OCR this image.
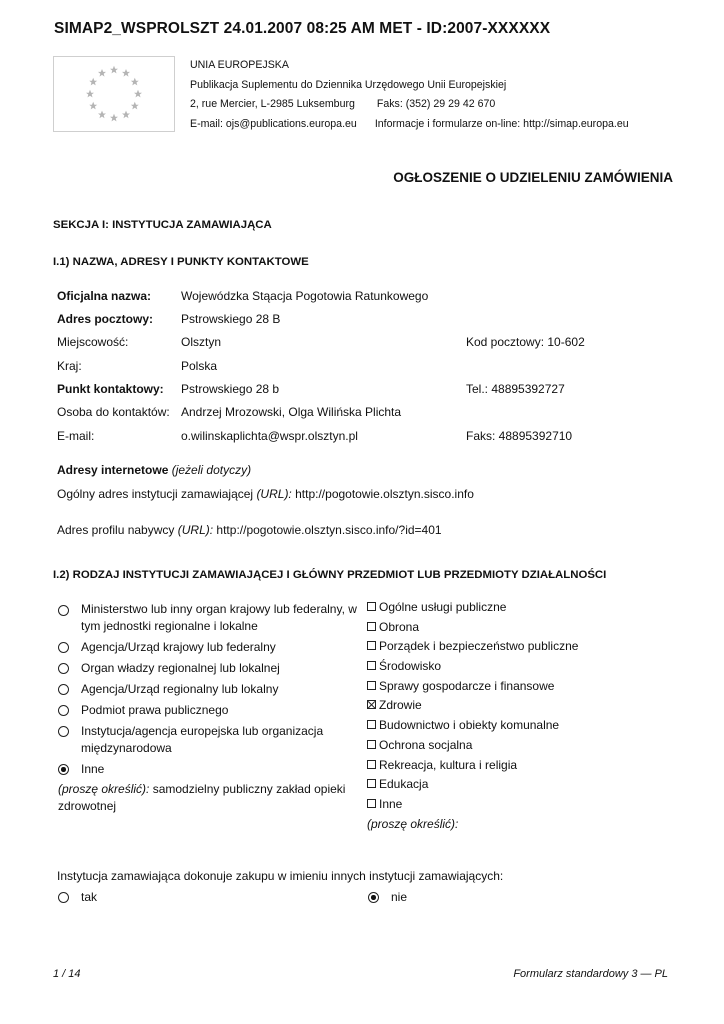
SIMAP2_WSPROLSZT 24.01.2007 08:25 AM MET - ID:2007-XXXXXX
UNIA EUROPEJSKA
Publikacja Suplementu do Dziennika Urzędowego Unii Europejskiej
2, rue Mercier, L-2985 Luksemburg Faks: (352) 29 29 42 670
E-mail: ojs@publications.europa.eu Informacje i formularze on-line: http://simap.europa.eu
OGŁOSZENIE O UDZIELENIU ZAMÓWIENIA
SEKCJA I: INSTYTUCJA ZAMAWIAJĄCA
I.1) NAZWA, ADRESY I PUNKTY KONTAKTOWE
Oficjalna nazwa: Wojewódzka Stąacja Pogotowia Ratunkowego
Adres pocztowy: Pstrowskiego 28 B
Miejscowość:	Olsztyn	Kod pocztowy: 10-602
Kraj:	Polska
Punkt kontaktowy: Pstrowskiego 28 b	Tel.: 48895392727
Osoba do kontaktów: Andrzej Mrozowski, Olga Wilińska Plichta
E-mail:	o.wilinskaplichta@wspr.olsztyn.pl	Faks: 48895392710
Adresy internetowe (jeżeli dotyczy)
Ogólny adres instytucji zamawiającej (URL): http://pogotowie.olsztyn.sisco.info
Adres profilu nabywcy (URL): http://pogotowie.olsztyn.sisco.info/?id=401
I.2) RODZAJ INSTYTUCJI ZAMAWIAJĄCEJ I GŁÓWNY PRZEDMIOT LUB PRZEDMIOTY DZIAŁALNOŚCI
Ministerstwo lub inny organ krajowy lub federalny, w tym jednostki regionalne i lokalne
Agencja/Urząd krajowy lub federalny
Organ władzy regionalnej lub lokalnej
Agencja/Urząd regionalny lub lokalny
Podmiot prawa publicznego
Instytucja/agencja europejska lub organizacja międzynarodowa
Inne
(proszę określić): samodzielny publiczny zakład opieki zdrowotnej
Ogólne usługi publiczne
Obrona
Porządek i bezpieczeństwo publiczne
Środowisko
Sprawy gospodarcze i finansowe
Zdrowie
Budownictwo i obiekty komunalne
Ochrona socjalna
Rekreacja, kultura i religia
Edukacja
Inne
(proszę określić):
Instytucja zamawiająca dokonuje zakupu w imieniu innych instytucji zamawiających:
tak	nie
1 / 14	Formularz standardowy 3 — PL
